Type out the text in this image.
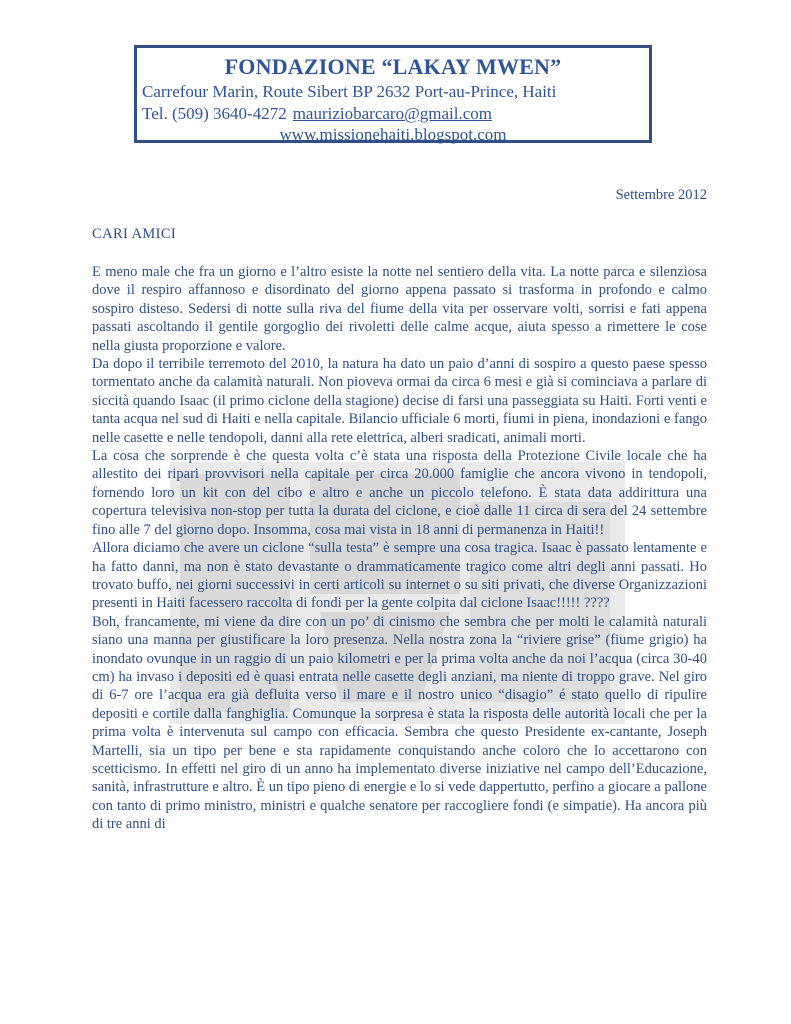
FONDAZIONE “LAKAY MWEN”

Carrefour Marin, Route Sibert BP 2632 Port-au-Prince, Haiti

Tel. (509) 3640-4272 mauriziobarcaro@gmail.com

www.missionehaiti.blogspot.com

Settembre 2012

CARI AMICI

E meno male che fra un giorno e l’altro esiste la notte nel sentiero della vita. La notte parca e silenziosa dove il respiro affannoso e disordinato del giorno appena passato si trasforma in profondo e calmo sospiro disteso. Sedersi di notte sulla riva del fiume della vita per osservare volti, sorrisi e fati appena passati ascoltando il gentile gorgoglio dei rivoletti delle calme acque, aiuta spesso a rimettere le cose nella giusta proporzione e valore.

Da dopo il terribile terremoto del 2010, la natura ha dato un paio d’anni di sospiro a questo paese spesso tormentato anche da calamità naturali. Non pioveva ormai da circa 6 mesi e già si cominciava a parlare di siccità quando Isaac (il primo ciclone della stagione) decise di farsi una passeggiata su Haiti. Forti venti e tanta acqua nel sud di Haiti e nella capitale. Bilancio ufficiale 6 morti, fiumi in piena, inondazioni e fango nelle casette e nelle tendopoli, danni alla rete elettrica, alberi sradicati, animali morti.

La cosa che sorprende è che questa volta c’è stata una risposta della Protezione Civile locale che ha allestito dei ripari provvisori nella capitale per circa 20.000 famiglie che ancora vivono in tendopoli, fornendo loro un kit con del cibo e altro e anche un piccolo telefono. È stata data addirittura una copertura televisiva non-stop per tutta la durata del ciclone, e cioè dalle 11 circa di sera del 24 settembre fino alle 7 del giorno dopo. Insomma, cosa mai vista in 18 anni di permanenza in Haiti!!

Allora diciamo che avere un ciclone “sulla testa” è sempre una cosa tragica. Isaac è passato lentamente e ha fatto danni, ma non è stato devastante o drammaticamente tragico come altri degli anni passati. Ho trovato buffo, nei giorni successivi in certi articoli su internet o su siti privati, che diverse Organizzazioni presenti in Haiti facessero raccolta di fondi per la gente colpita dal ciclone Isaac!!!!! ????

Boh, francamente, mi viene da dire con un po’ di cinismo che sembra che per molti le calamità naturali siano una manna per giustificare la loro presenza. Nella nostra zona la “riviere grise” (fiume grigio) ha inondato ovunque in un raggio di un paio kilometri e per la prima volta anche da noi l’acqua (circa 30-40 cm) ha invaso i depositi ed è quasi entrata nelle casette degli anziani, ma niente di troppo grave. Nel giro di 6-7 ore l’acqua era già defluita verso il mare e il nostro unico “disagio” é stato quello di ripulire depositi e cortile dalla fanghiglia. Comunque la sorpresa è stata la risposta delle autorità locali che per la prima volta è intervenuta sul campo con efficacia. Sembra che questo Presidente ex-cantante, Joseph Martelli, sia un tipo per bene e sta rapidamente conquistando anche coloro che lo accettarono con scetticismo. In effetti nel giro di un anno ha implementato diverse iniziative nel campo dell’Educazione, sanità, infrastrutture e altro. È un tipo pieno di energie e lo si vede dappertutto, perfino a giocare a pallone con tanto di primo ministro, ministri e qualche senatore per raccogliere fondi (e simpatie). Ha ancora più di tre anni di
